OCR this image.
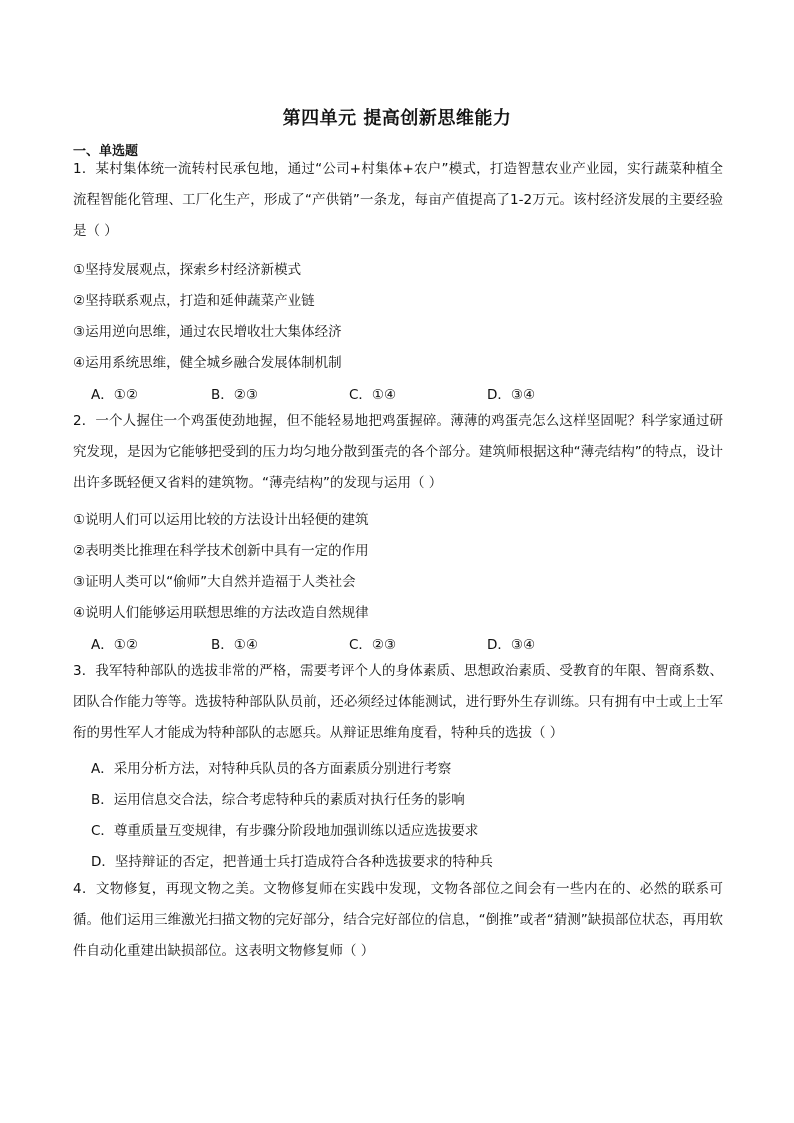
第四单元 提高创新思维能力
一、单选题
1．某村集体统一流转村民承包地，通过“公司+村集体+农户”模式，打造智慧农业产业园，实行蔬菜种植全流程智能化管理、工厂化生产，形成了“产供销”一条龙，每亩产值提高了1-2万元。该村经济发展的主要经验是（ ）
①坚持发展观点，探索乡村经济新模式
②坚持联系观点，打造和延伸蔬菜产业链
③运用逆向思维，通过农民增收壮大集体经济
④运用系统思维，健全城乡融合发展体制机制
A．①②	B．②③	C．①④	D．③④
2．一个人握住一个鸡蛋使劲地握，但不能轻易地把鸡蛋握碎。薄薄的鸡蛋壳怎么这样坚固呢？科学家通过研究发现，是因为它能够把受到的压力均匀地分散到蛋壳的各个部分。建筑师根据这种“薄壳结构”的特点，设计出许多既轻便又省料的建筑物。“薄壳结构”的发现与运用（ ）
①说明人们可以运用比较的方法设计出轻便的建筑
②表明类比推理在科学技术创新中具有一定的作用
③证明人类可以“偷师”大自然并造福于人类社会
④说明人们能够运用联想思维的方法改造自然规律
A．①②	B．①④	C．②③	D．③④
3．我军特种部队的选拔非常的严格，需要考评个人的身体素质、思想政治素质、受教育的年限、智商系数、团队合作能力等等。选拔特种部队队员前，还必须经过体能测试，进行野外生存训练。只有拥有中士或上士军衔的男性军人才能成为特种部队的志愿兵。从辩证思维角度看，特种兵的选拔（ ）
A．采用分析方法，对特种兵队员的各方面素质分别进行考察
B．运用信息交合法，综合考虑特种兵的素质对执行任务的影响
C．尊重质量互变规律，有步骤分阶段地加强训练以适应选拔要求
D．坚持辩证的否定，把普通士兵打造成符合各种选拔要求的特种兵
4．文物修复，再现文物之美。文物修复师在实践中发现，文物各部位之间会有一些内在的、必然的联系可循。他们运用三维激光扫描文物的完好部分，结合完好部位的信息，“倒推”或者“猜测”缺损部位状态，再用软件自动化重建出缺损部位。这表明文物修复师（ ）
